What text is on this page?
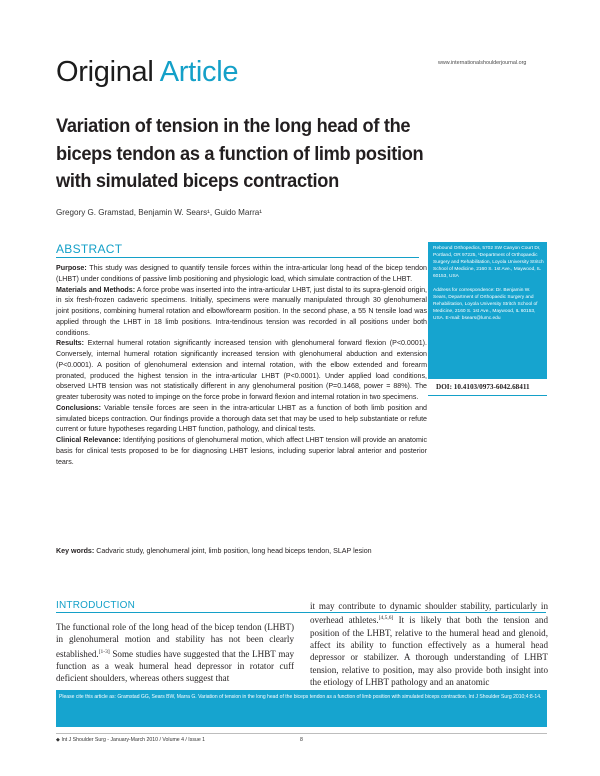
www.internationalshoulderjournal.org
Original Article
Variation of tension in the long head of the biceps tendon as a function of limb position with simulated biceps contraction
Gregory G. Gramstad, Benjamin W. Sears¹, Guido Marra¹
ABSTRACT

Purpose: This study was designed to quantify tensile forces within the intra-articular long head of the bicep tendon (LHBT) under conditions of passive limb positioning and physiologic load, which simulate contraction of the LHBT.

Materials and Methods: A force probe was inserted into the intra-articular LHBT, just distal to its supra-glenoid origin, in six fresh-frozen cadaveric specimens. Initially, specimens were manually manipulated through 30 glenohumeral joint positions, combining humeral rotation and elbow/forearm position. In the second phase, a 55 N tensile load was applied through the LHBT in 18 limb positions. Intra-tendinous tension was recorded in all positions under both conditions.

Results: External humeral rotation significantly increased tension with glenohumeral forward flexion (P<0.0001). Conversely, internal humeral rotation significantly increased tension with glenohumeral abduction and extension (P<0.0001). A position of glenohumeral extension and internal rotation, with the elbow extended and forearm pronated, produced the highest tension in the intra-articular LHBT (P<0.0001). Under applied load conditions, observed LHTB tension was not statistically different in any glenohumeral position (P=0.1468, power = 88%). The greater tuberosity was noted to impinge on the force probe in forward flexion and internal rotation in two specimens.

Conclusions: Variable tensile forces are seen in the intra-articular LHBT as a function of both limb position and simulated biceps contraction. Our findings provide a thorough data set that may be used to help substantiate or refute current or future hypotheses regarding LHBT function, pathology, and clinical tests.

Clinical Relevance: Identifying positions of glenohumeral motion, which affect LHBT tension will provide an anatomic basis for clinical tests proposed to be for diagnosing LHBT lesions, including superior labral anterior and posterior tears.

Key words: Cadvaric study, glenohumeral joint, limb position, long head biceps tendon, SLAP lesion

Rebound Orthopedics, 5702 SW Canyon Court Dr, Portland, OR 97225, ¹Department of Orthopaedic Surgery and Rehabilitation, Loyola University Stritch School of Medicine, 2160 S. 1st Ave., Maywood, IL 60153, USA

Address for correspondence: Dr. Benjamin W. Sears, Department of Orthopaedic Surgery and Rehabilitation, Loyola University Stritch School of Medicine, 2160 S. 1st Ave., Maywood, IL 60153, USA. E-mail: bsears@lumc.edu

DOI: 10.4103/0973-6042.68411
INTRODUCTION
The functional role of the long head of the bicep tendon (LHBT) in glenohumeral motion and stability has not been clearly established.[1-3] Some studies have suggested that the LHBT may function as a weak humeral head depressor in rotator cuff deficient shoulders, whereas others suggest that
it may contribute to dynamic shoulder stability, particularly in overhead athletes.[4,5,6] It is likely that both the tension and position of the LHBT, relative to the humeral head and glenoid, affect its ability to function effectively as a humeral head depressor or stabilizer. A thorough understanding of LHBT tension, relative to position, may also provide both insight into the etiology of LHBT pathology and an anatomic
Please cite this article as: Gramstad GG, Sears BW, Marra G. Variation of tension in the long head of the biceps tendon as a function of limb position with simulated biceps contraction. Int J Shoulder Surg 2010;4:8-14.
◆ Int J Shoulder Surg - January-March 2010 / Volume 4 / Issue 1	8
